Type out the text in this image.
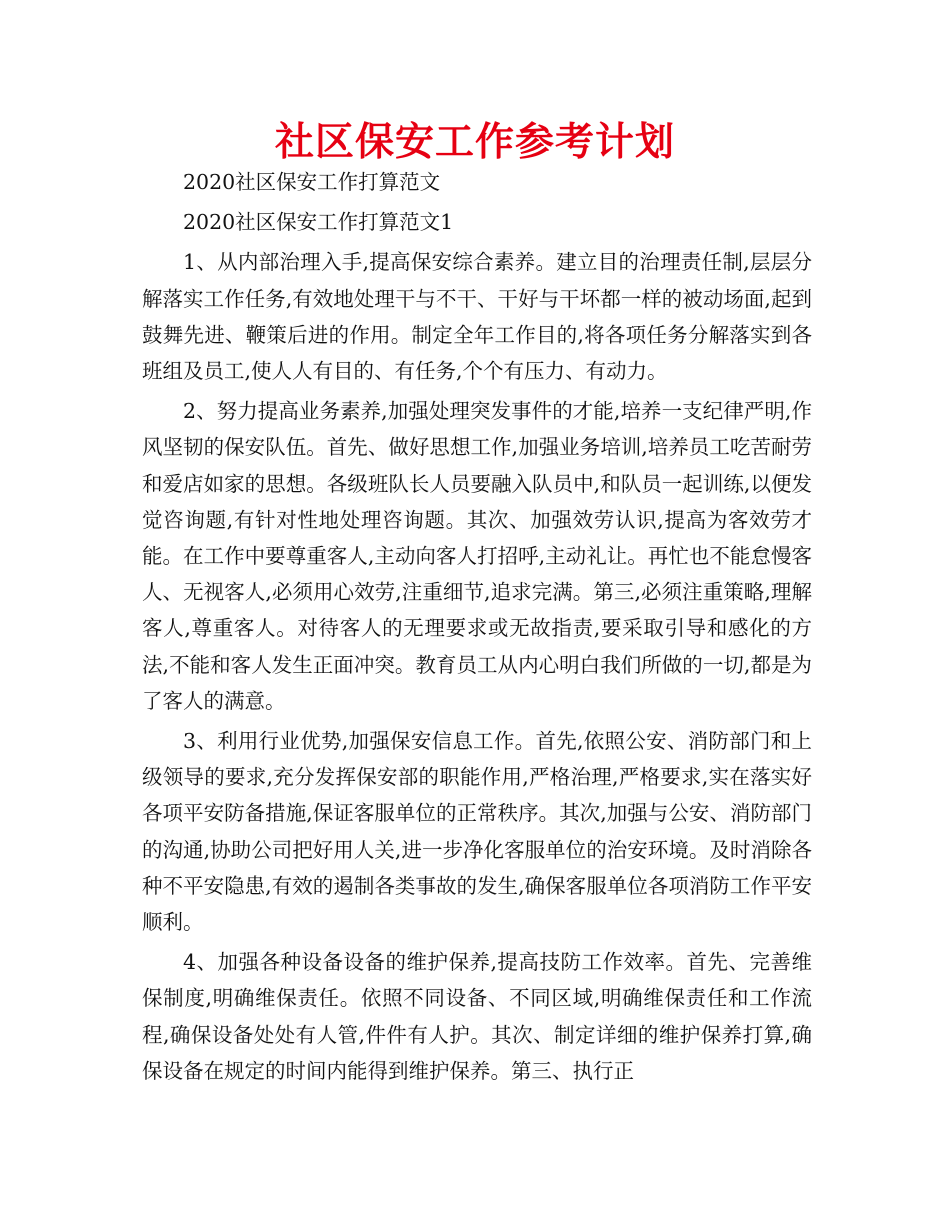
社区保安工作参考计划

2020社区保安工作打算范文

2020社区保安工作打算范文1

1、从内部治理入手,提高保安综合素养。建立目的治理责任制,层层分解落实工作任务,有效地处理干与不干、干好与干坏都一样的被动场面,起到鼓舞先进、鞭策后进的作用。制定全年工作目的,将各项任务分解落实到各班组及员工,使人人有目的、有任务,个个有压力、有动力。

2、努力提高业务素养,加强处理突发事件的才能,培养一支纪律严明,作风坚韧的保安队伍。首先、做好思想工作,加强业务培训,培养员工吃苦耐劳和爱店如家的思想。各级班队长人员要融入队员中,和队员一起训练,以便发觉咨询题,有针对性地处理咨询题。其次、加强效劳认识,提高为客效劳才能。在工作中要尊重客人,主动向客人打招呼,主动礼让。再忙也不能怠慢客人、无视客人,必须用心效劳,注重细节,追求完满。第三,必须注重策略,理解客人,尊重客人。对待客人的无理要求或无故指责,要采取引导和感化的方法,不能和客人发生正面冲突。教育员工从内心明白我们所做的一切,都是为了客人的满意。

3、利用行业优势,加强保安信息工作。首先,依照公安、消防部门和上级领导的要求,充分发挥保安部的职能作用,严格治理,严格要求,实在落实好各项平安防备措施,保证客服单位的正常秩序。其次,加强与公安、消防部门的沟通,协助公司把好用人关,进一步净化客服单位的治安环境。及时消除各种不平安隐患,有效的遏制各类事故的发生,确保客服单位各项消防工作平安顺利。

4、加强各种设备设备的维护保养,提高技防工作效率。首先、完善维保制度,明确维保责任。依照不同设备、不同区域,明确维保责任和工作流程,确保设备处处有人管,件件有人护。其次、制定详细的维护保养打算,确保设备在规定的时间内能得到维护保养。第三、执行正
